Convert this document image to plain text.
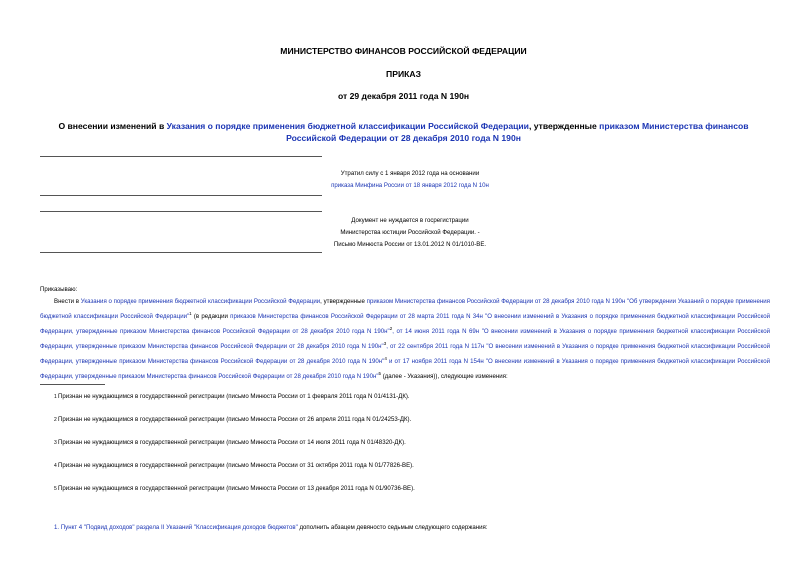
МИНИСТЕРСТВО ФИНАНСОВ РОССИЙСКОЙ ФЕДЕРАЦИИ
ПРИКАЗ
от 29 декабря 2011 года N 190н
О внесении изменений в Указания о порядке применения бюджетной классификации Российской Федерации, утвержденные приказом Министерства финансов Российской Федерации от 28 декабря 2010 года N 190н
Утратил силу с 1 января 2012 года на основании
приказа Минфина России от 18 января 2012 года N 10н
Документ не нуждается в госрегистрации
Министерства юстиции Российской Федерации. -
Письмо Минюста России от 13.01.2012 N 01/1010-ВЕ.
Приказываю:

Внести в Указания о порядке применения бюджетной классификации Российской Федерации, утвержденные приказом Министерства финансов Российской Федерации от 28 декабря 2010 года N 190н "Об утверждении Указаний о порядке применения бюджетной классификации Российской Федерации"$^1$ (в редакции приказов Министерства финансов Российской Федерации от 28 марта 2011 года N 34н "О внесении изменений в Указания о порядке применения бюджетной классификации Российской Федерации, утвержденные приказом Министерства финансов Российской Федерации от 28 декабря 2010 года N 190н"$^2$, от 14 июня 2011 года N 69н "О внесении изменений в Указания о порядке применения бюджетной классификации Российской Федерации, утвержденные приказом Министерства финансов Российской Федерации от 28 декабря 2010 года N 190н"$^3$, от 22 сентября 2011 года N 117н "О внесении изменений в Указания о порядке применения бюджетной классификации Российской Федерации, утвержденные приказом Министерства финансов Российской Федерации от 28 декабря 2010 года N 190н"$^4$ и от 17 ноября 2011 года N 154н "О внесении изменений в Указания о порядке применения бюджетной классификации Российской Федерации, утвержденные приказом Министерства финансов Российской Федерации от 28 декабря 2010 года N 190н"$^5$ (далее - Указания)), следующие изменения:

1Признан не нуждающимся в государственной регистрации (письмо Минюста России от 1 февраля 2011 года N 01/4131-ДК).
2Признан не нуждающимся в государственной регистрации (письмо Минюста России от 26 апреля 2011 года N 01/24253-ДК).
3Признан не нуждающимся в государственной регистрации (письмо Минюста России от 14 июля 2011 года N 01/48320-ДК).
4Признан не нуждающимся в государственной регистрации (письмо Минюста России от 31 октября 2011 года N 01/77826-ВЕ).
5Признан не нуждающимся в государственной регистрации (письмо Минюста России от 13 декабря 2011 года N 01/90736-ВЕ).
1. Пункт 4 "Подвид доходов" раздела II Указаний "Классификация доходов бюджетов" дополнить абзацем девяносто седьмым следующего содержания:
